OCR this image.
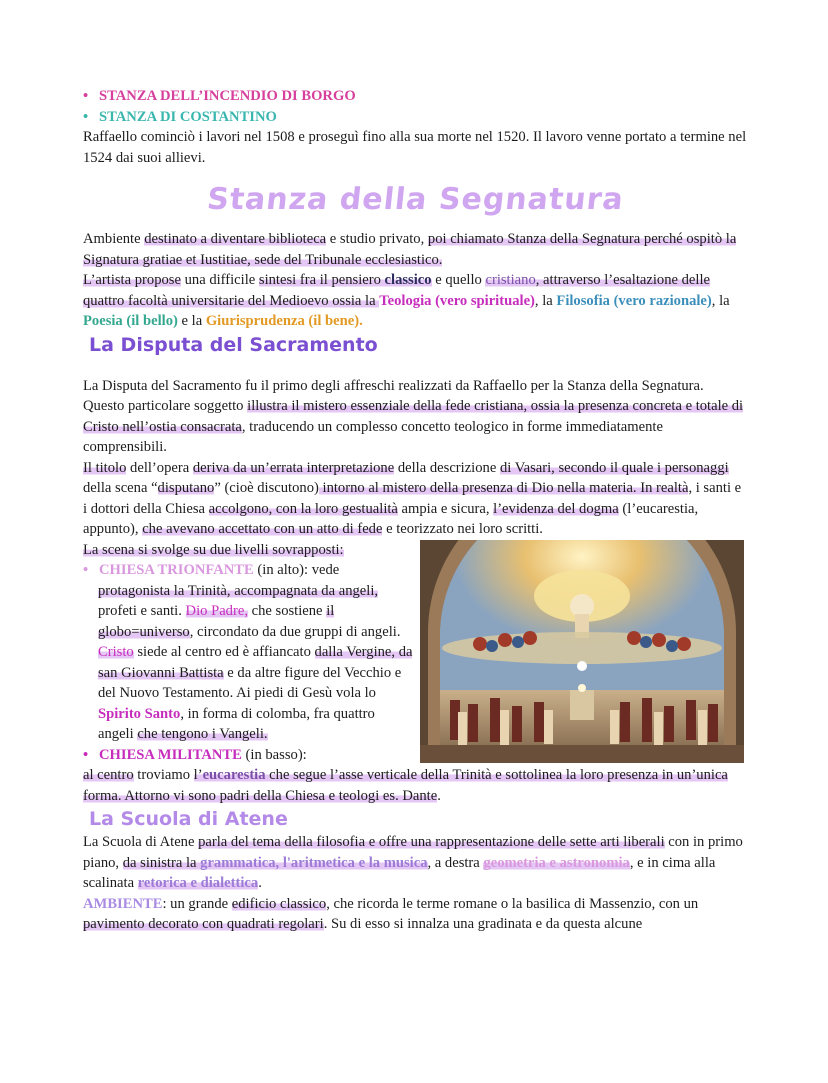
• STANZA DELL’INCENDIO DI BORGO

• STANZA DI COSTANTINO

Raffaello cominciò i lavori nel 1508 e proseguì fino alla sua morte nel 1520. Il lavoro venne portato a termine nel 1524 dai suoi allievi.

Stanza della Segnatura

Ambiente destinato a diventare biblioteca e studio privato, poi chiamato Stanza della Segnatura perché ospitò la Signatura gratiae et Iustitiae, sede del Tribunale ecclesiastico.

L’artista propose una difficile sintesi fra il pensiero classico e quello cristiano, attraverso l’esaltazione delle quattro facoltà universitarie del Medioevo ossia la Teologia (vero spirituale), la Filosofia (vero razionale), la Poesia (il bello) e la Giurisprudenza (il bene).

La Disputa del Sacramento

La Disputa del Sacramento fu il primo degli affreschi realizzati da Raffaello per la Stanza della Segnatura. Questo particolare soggetto illustra il mistero essenziale della fede cristiana, ossia la presenza concreta e totale di Cristo nell’ostia consacrata, traducendo un complesso concetto teologico in forme immediatamente comprensibili.

Il titolo dell’opera deriva da un’errata interpretazione della descrizione di Vasari, secondo il quale i personaggi della scena “disputano” (cioè discutono) intorno al mistero della presenza di Dio nella materia. In realtà, i santi e i dottori della Chiesa accolgono, con la loro gestualità ampia e sicura, l’evidenza del dogma (l’eucarestia, appunto), che avevano accettato con un atto di fede e teorizzato nei loro scritti.

La scena si svolge su due livelli sovrapposti:

• CHIESA TRIONFANTE (in alto): vede

protagonista la Trinità, accompagnata da angeli, profeti e santi. Dio Padre, che sostiene il globo=universo, circondato da due gruppi di angeli. Cristo siede al centro ed è affiancato dalla Vergine, da san Giovanni Battista e da altre figure del Vecchio e del Nuovo Testamento. Ai piedi di Gesù vola lo Spirito Santo, in forma di colomba, fra quattro angeli che tengono i Vangeli.

• CHIESA MILITANTE (in basso):

al centro troviamo l’eucarestia che segue l’asse verticale della Trinità e sottolinea la loro presenza in un’unica forma. Attorno vi sono padri della Chiesa e teologi es. Dante.

La Scuola di Atene

La Scuola di Atene parla del tema della filosofia e offre una rappresentazione delle sette arti liberali con in primo piano, da sinistra la grammatica, l'aritmetica e la musica, a destra geometria e astronomia, e in cima alla scalinata retorica e dialettica.

AMBIENTE: un grande edificio classico, che ricorda le terme romane o la basilica di Massenzio, con un pavimento decorato con quadrati regolari. Su di esso si innalza una gradinata e da questa alcune
